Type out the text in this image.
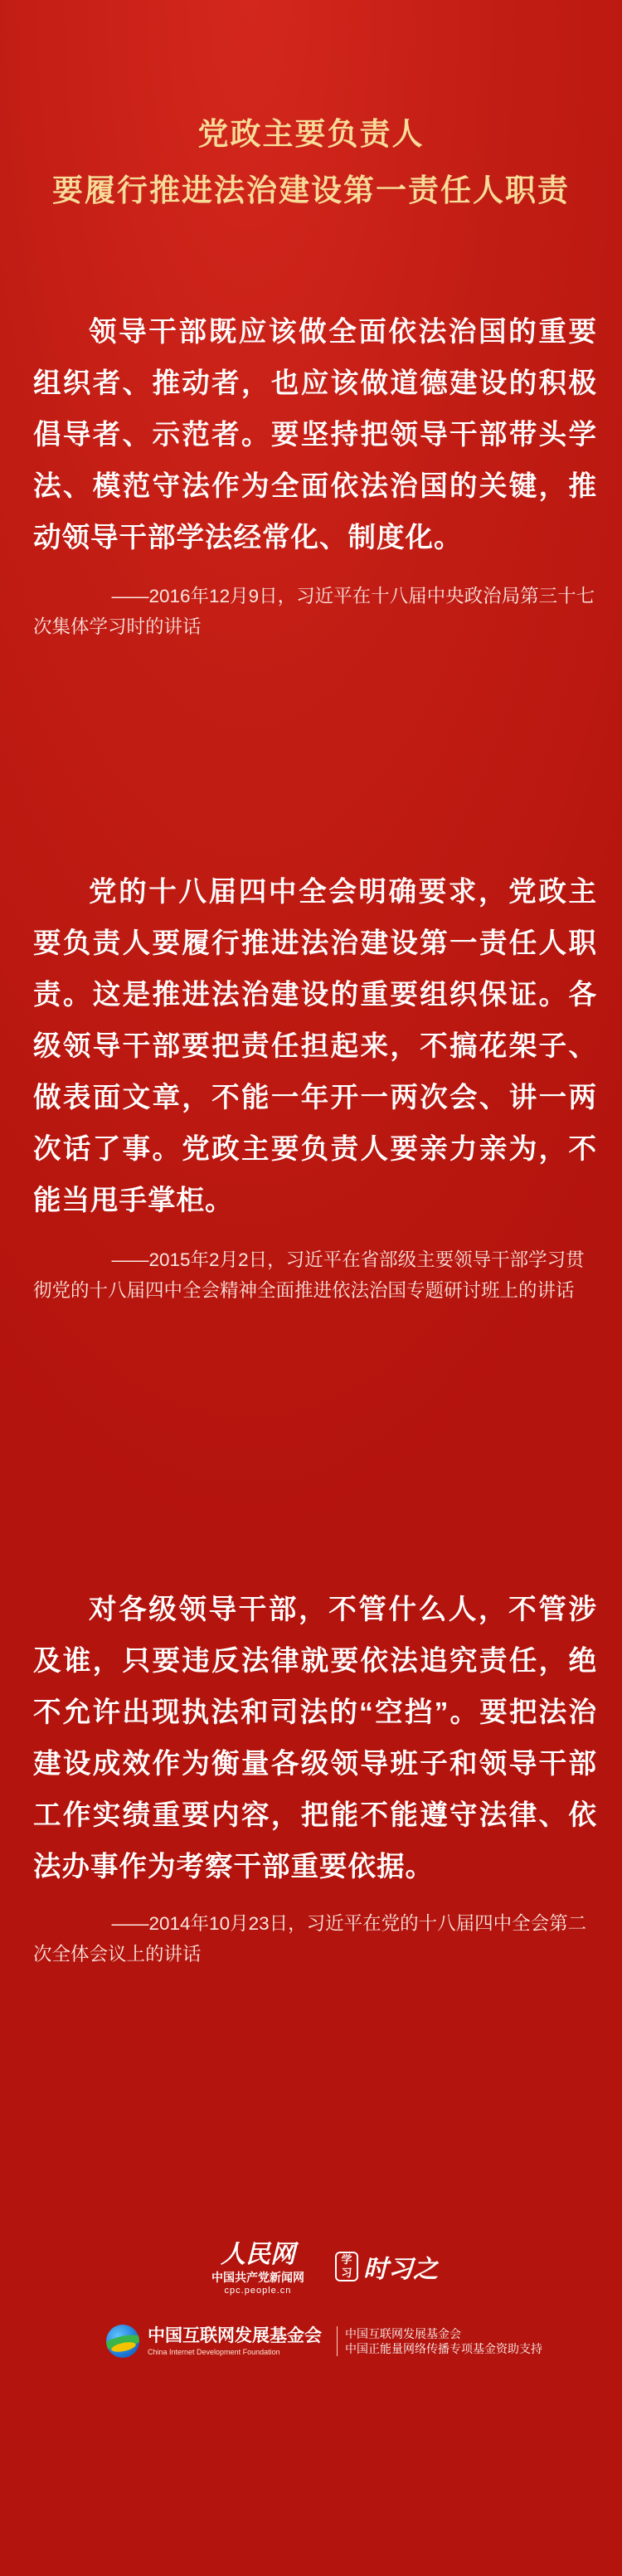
党政主要负责人
要履行推进法治建设第一责任人职责
领导干部既应该做全面依法治国的重要组织者、推动者，也应该做道德建设的积极倡导者、示范者。要坚持把领导干部带头学法、模范守法作为全面依法治国的关键，推动领导干部学法经常化、制度化。
——2016年12月9日，习近平在十八届中央政治局第三十七次集体学习时的讲话
党的十八届四中全会明确要求，党政主要负责人要履行推进法治建设第一责任人职责。这是推进法治建设的重要组织保证。各级领导干部要把责任担起来，不搞花架子、做表面文章，不能一年开一两次会、讲一两次话了事。党政主要负责人要亲力亲为，不能当甩手掌柜。
——2015年2月2日，习近平在省部级主要领导干部学习贯彻党的十八届四中全会精神全面推进依法治国专题研讨班上的讲话
对各级领导干部，不管什么人，不管涉及谁，只要违反法律就要依法追究责任，绝不允许出现执法和司法的“空挡”。要把法治建设成效作为衡量各级领导班子和领导干部工作实绩重要内容，把能不能遵守法律、依法办事作为考察干部重要依据。
——2014年10月23日，习近平在党的十八届四中全会第二次全体会议上的讲话
人民网
中国共产党新闻网
cpc.people.cn
学习 时习之
中国互联网发展基金会
China Internet Development Foundation
中国互联网发展基金会
中国正能量网络传播专项基金资助支持
